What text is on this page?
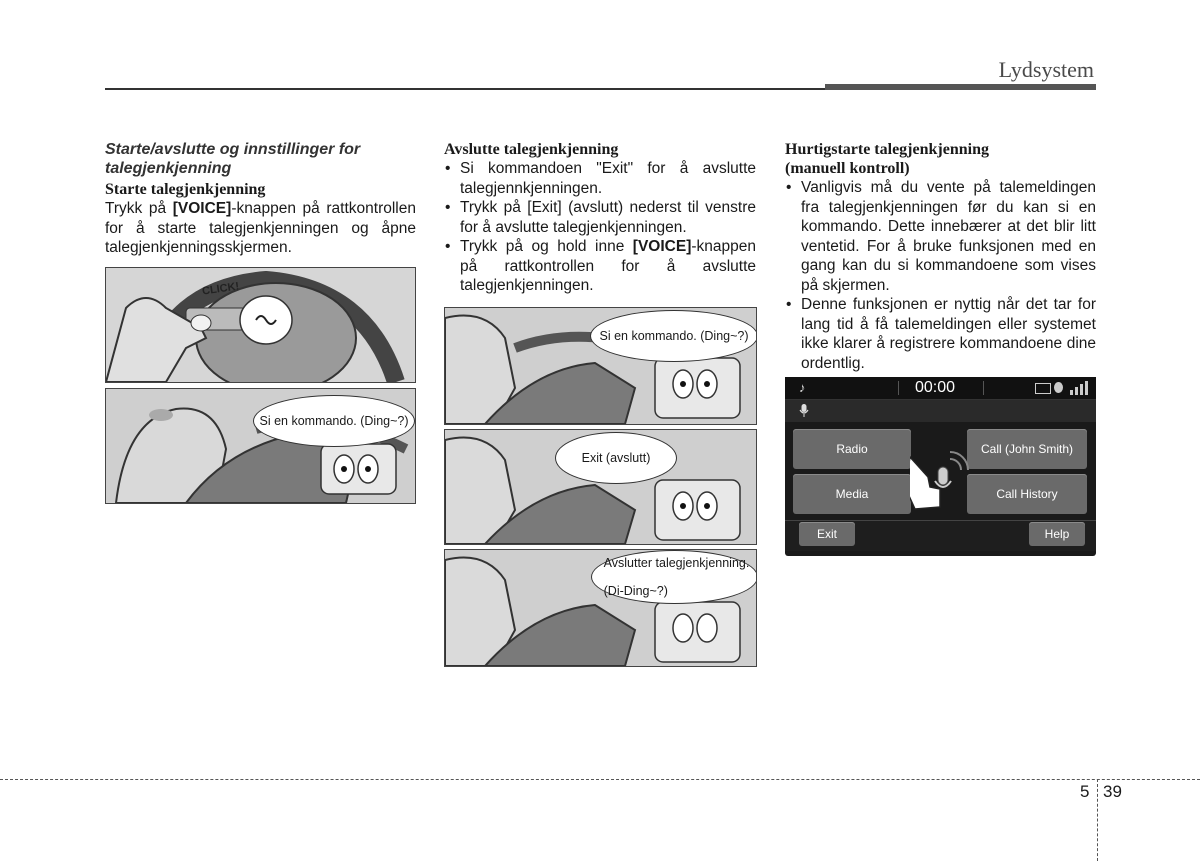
Lydsystem
Starte/avslutte og innstillinger for talegjenkjenning
Starte talegjenkjenning

Trykk på [VOICE]-knappen på rattkontrollen for å starte talegjenkjenningen og åpne talegjenkjenningsskjermen.

CLICK!
Si en kommando. (Ding~?)
Avslutte talegjenkjenning
• Si kommandoen "Exit" for å avslutte talegjennkjenningen.
• Trykk på [Exit] (avslutt) nederst til venstre for å avslutte talegjenkjenningen.
• Trykk på og hold inne [VOICE]-knappen på rattkontrollen for å avslutte talegjenkjenningen.
Si en kommando. (Ding~?)
Exit (avslutt)
Avslutter talegjenkjenning.

(Di-Ding~?)
Hurtigstarte talegjenkjenning
(manuell kontroll)
• Vanligvis må du vente på talemeldingen fra talegjenkjenningen før du kan si en kommando. Dette innebærer at det blir litt ventetid. For å bruke funksjonen med en gang kan du si kommandoene som vises på skjermen.
• Denne funksjonen er nyttig når det tar for lang tid å få talemeldingen eller systemet ikke klarer å registrere kommandoene dine ordentlig.
♪	00:00
Radio	Call (John Smith)
Media	Call History
Exit	Help
5 39
